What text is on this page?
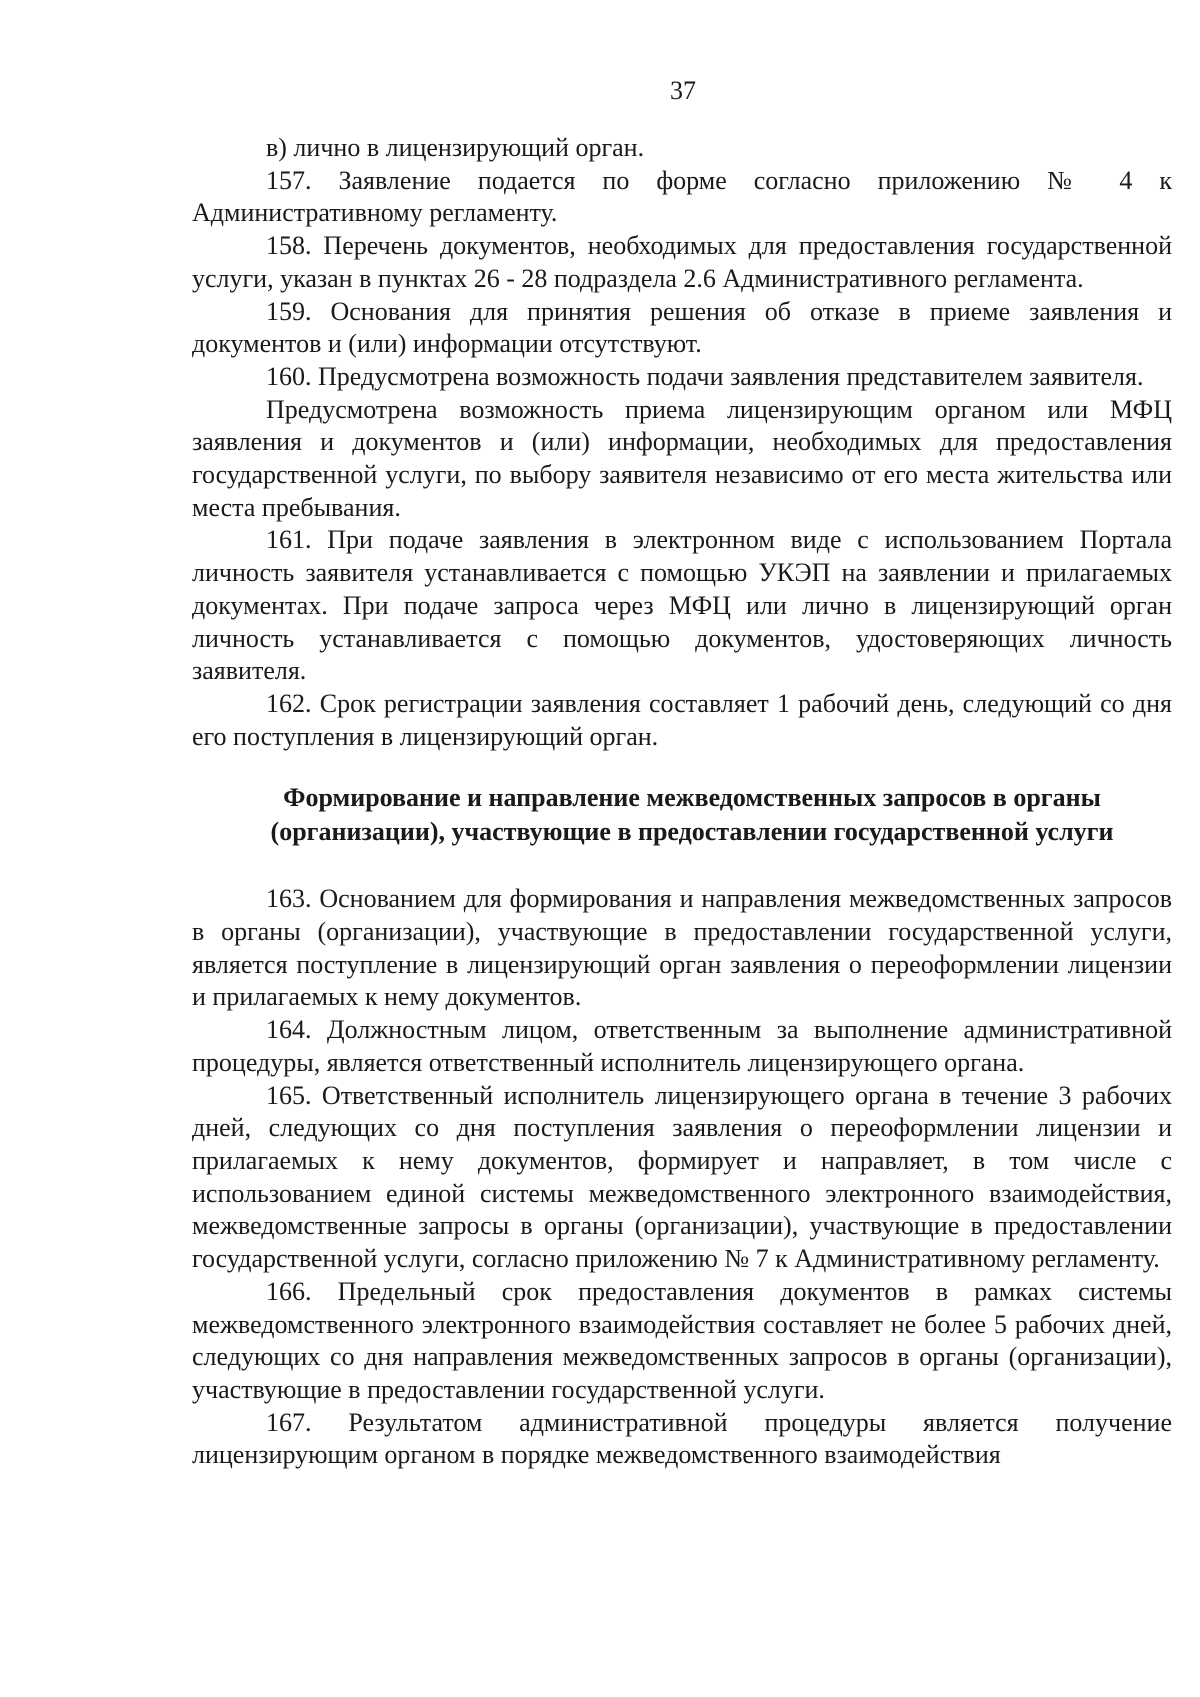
37

в) лично в лицензирующий орган.

157. Заявление подается по форме согласно приложению № 4 к Административному регламенту.

158. Перечень документов, необходимых для предоставления государственной услуги, указан в пунктах 26 - 28 подраздела 2.6 Административного регламента.

159. Основания для принятия решения об отказе в приеме заявления и документов и (или) информации отсутствуют.

160. Предусмотрена возможность подачи заявления представителем заявителя.

Предусмотрена возможность приема лицензирующим органом или МФЦ заявления и документов и (или) информации, необходимых для предоставления государственной услуги, по выбору заявителя независимо от его места жительства или места пребывания.

161. При подаче заявления в электронном виде с использованием Портала личность заявителя устанавливается с помощью УКЭП на заявлении и прилагаемых документах. При подаче запроса через МФЦ или лично в лицензирующий орган личность устанавливается с помощью документов, удостоверяющих личность заявителя.

162. Срок регистрации заявления составляет 1 рабочий день, следующий со дня его поступления в лицензирующий орган.

Формирование и направление межведомственных запросов в органы
(организации), участвующие в предоставлении государственной услуги

163. Основанием для формирования и направления межведомственных запросов в органы (организации), участвующие в предоставлении государственной услуги, является поступление в лицензирующий орган заявления о переоформлении лицензии и прилагаемых к нему документов.

164. Должностным лицом, ответственным за выполнение административной процедуры, является ответственный исполнитель лицензирующего органа.

165. Ответственный исполнитель лицензирующего органа в течение 3 рабочих дней, следующих со дня поступления заявления о переоформлении лицензии и прилагаемых к нему документов, формирует и направляет, в том числе с использованием единой системы межведомственного электронного взаимодействия, межведомственные запросы в органы (организации), участвующие в предоставлении государственной услуги, согласно приложению № 7 к Административному регламенту.

166. Предельный срок предоставления документов в рамках системы межведомственного электронного взаимодействия составляет не более 5 рабочих дней, следующих со дня направления межведомственных запросов в органы (организации), участвующие в предоставлении государственной услуги.

167. Результатом административной процедуры является получение лицензирующим органом в порядке межведомственного взаимодействия
